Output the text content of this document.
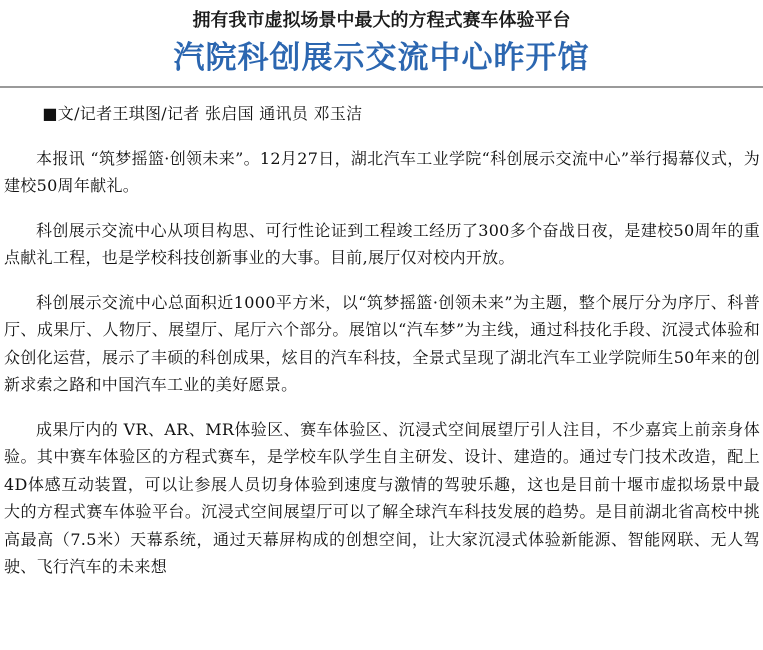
拥有我市虚拟场景中最大的方程式赛车体验平台
汽院科创展示交流中心昨开馆
■文/记者王琪图/记者 张启国 通讯员 邓玉洁

本报讯 “筑梦摇篮·创领未来”。12月27日，湖北汽车工业学院“科创展示交流中心”举行揭幕仪式，为建校50周年献礼。

科创展示交流中心从项目构思、可行性论证到工程竣工经历了300多个奋战日夜，是建校50周年的重点献礼工程，也是学校科技创新事业的大事。目前,展厅仅对校内开放。

科创展示交流中心总面积近1000平方米，以“筑梦摇篮·创领未来”为主题，整个展厅分为序厅、科普厅、成果厅、人物厅、展望厅、尾厅六个部分。展馆以“汽车梦”为主线，通过科技化手段、沉浸式体验和众创化运营，展示了丰硕的科创成果，炫目的汽车科技，全景式呈现了湖北汽车工业学院师生50年来的创新求索之路和中国汽车工业的美好愿景。

成果厅内的 VR、AR、MR体验区、赛车体验区、沉浸式空间展望厅引人注目，不少嘉宾上前亲身体验。其中赛车体验区的方程式赛车，是学校车队学生自主研发、设计、建造的。通过专门技术改造，配上4D体感互动装置，可以让参展人员切身体验到速度与激情的驾驶乐趣，这也是目前十堰市虚拟场景中最大的方程式赛车体验平台。沉浸式空间展望厅可以了解全球汽车科技发展的趋势。是目前湖北省高校中挑高最高（7.5米）天幕系统，通过天幕屏构成的创想空间，让大家沉浸式体验新能源、智能网联、无人驾驶、飞行汽车的未来想
